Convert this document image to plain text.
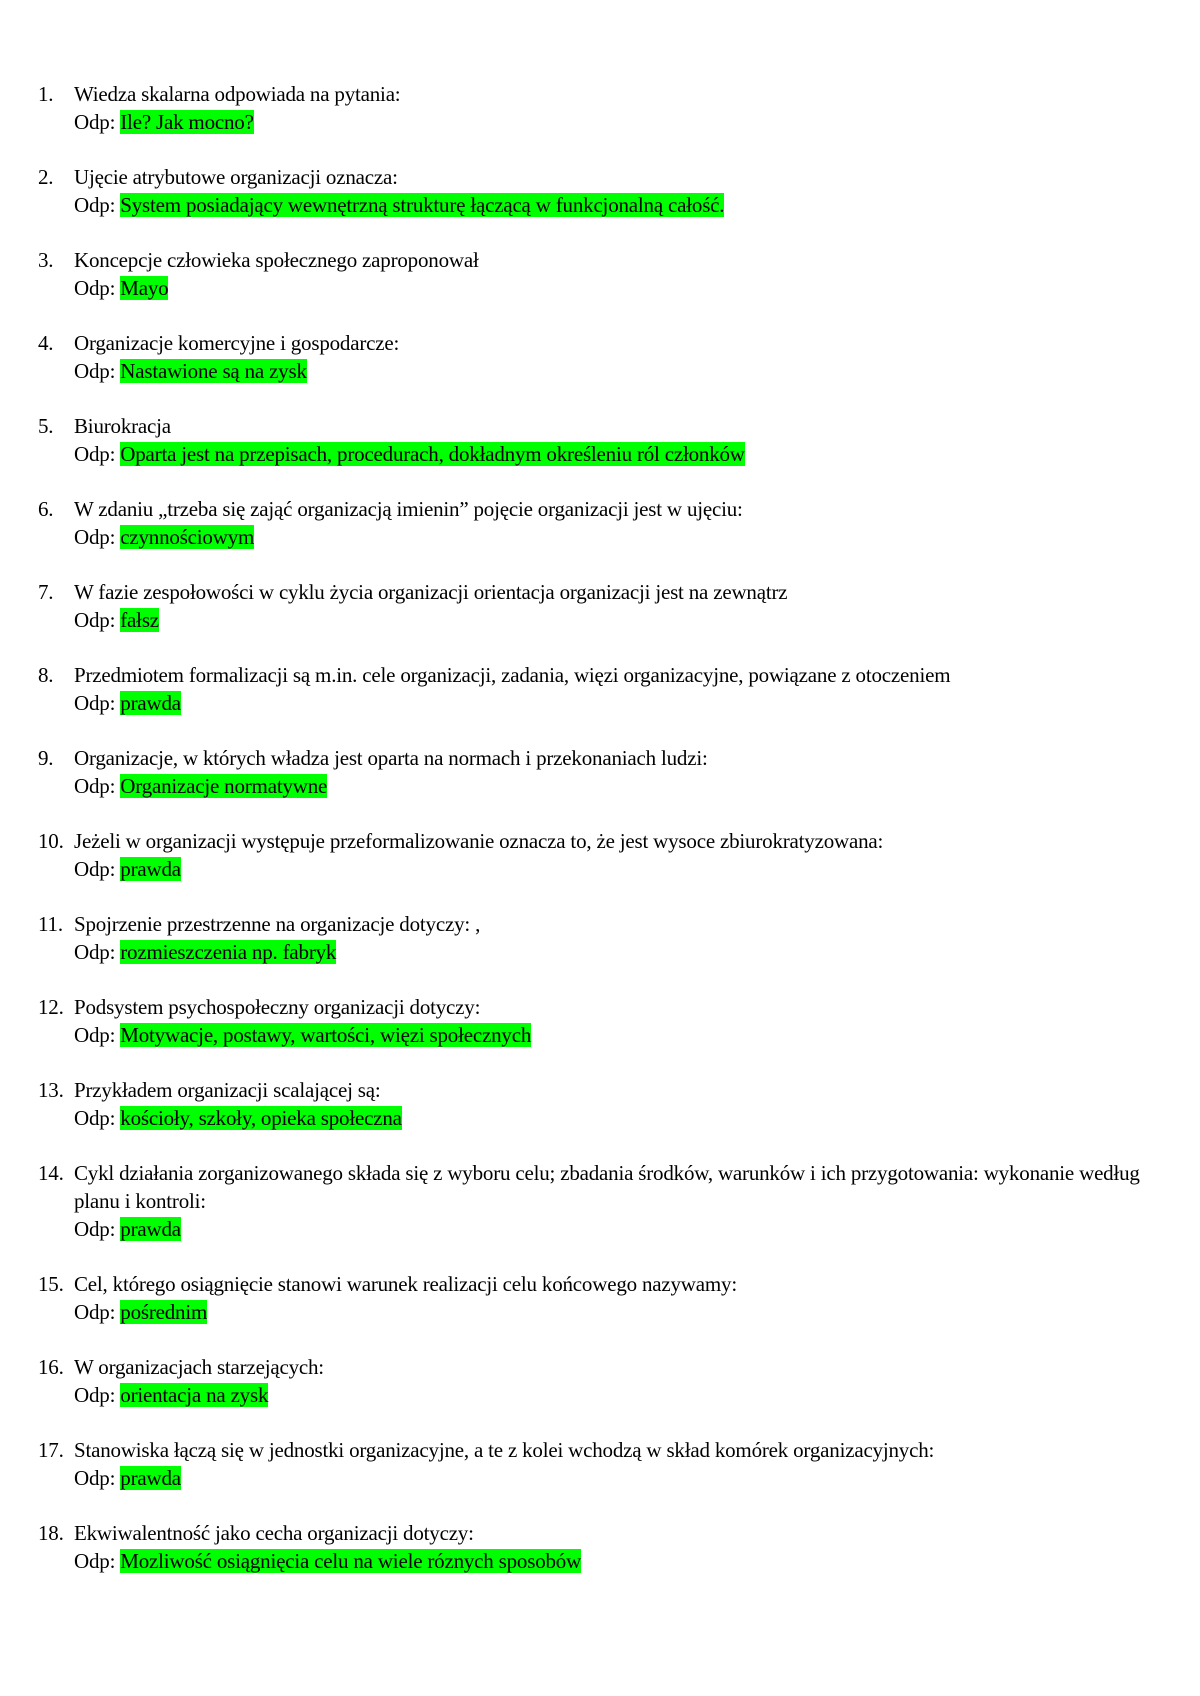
1. Wiedza skalarna odpowiada na pytania:
Odp: Ile? Jak mocno?
2. Ujęcie atrybutowe organizacji oznacza:
Odp: System posiadający wewnętrzną strukturę łączącą w funkcjonalną całość.
3. Koncepcje człowieka społecznego zaproponował
Odp: Mayo
4. Organizacje komercyjne i gospodarcze:
Odp: Nastawione są na zysk
5. Biurokracja
Odp: Oparta jest na przepisach, procedurach, dokładnym określeniu ról członków
6. W zdaniu „trzeba się zająć organizacją imienin” pojęcie organizacji jest w ujęciu:
Odp: czynnościowym
7. W fazie zespołowości w cyklu życia organizacji orientacja organizacji jest na zewnątrz
Odp: fałsz
8. Przedmiotem formalizacji są m.in. cele organizacji, zadania, więzi organizacyjne, powiązane z otoczeniem
Odp: prawda
9. Organizacje, w których władza jest oparta na normach i przekonaniach ludzi:
Odp: Organizacje normatywne
10. Jeżeli w organizacji występuje przeformalizowanie oznacza to, że jest wysoce zbiurokratyzowana:
Odp: prawda
11. Spojrzenie przestrzenne na organizacje dotyczy: ,
Odp: rozmieszczenia np. fabryk
12. Podsystem psychospołeczny organizacji dotyczy:
Odp: Motywacje, postawy, wartości, więzi społecznych
13. Przykładem organizacji scalającej są:
Odp: kościoły, szkoły, opieka społeczna
14. Cykl działania zorganizowanego składa się z wyboru celu; zbadania środków, warunków i ich przygotowania: wykonanie według planu i kontroli:
Odp: prawda
15. Cel, którego osiągnięcie stanowi warunek realizacji celu końcowego nazywamy:
Odp: pośrednim
16. W organizacjach starzejących:
Odp: orientacja na zysk
17. Stanowiska łączą się w jednostki organizacyjne, a te z kolei wchodzą w skład komórek organizacyjnych:
Odp: prawda
18. Ekwiwalentność jako cecha organizacji dotyczy:
Odp: Mozliwość osiągnięcia celu na wiele róznych sposobów
